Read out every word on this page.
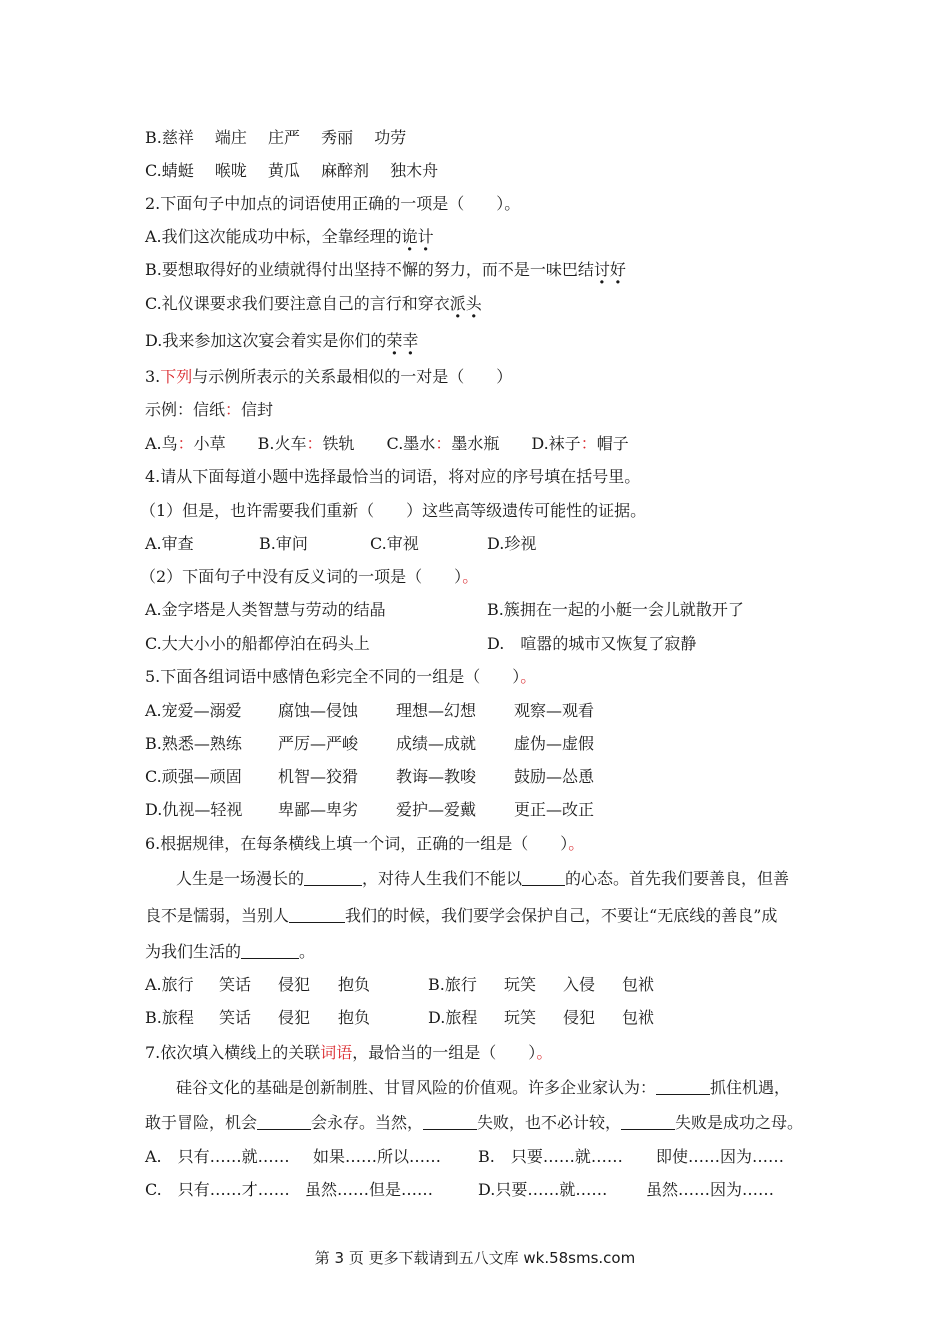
B.慈祥　 端庄　 庄严　 秀丽　 功劳
C.蜻蜓　 喉咙　 黄瓜　 麻醉剂　 独木舟
2.下面句子中加点的词语使用正确的一项是（　　）。
A.我们这次能成功中标，全靠经理的诡计
B.要想取得好的业绩就得付出坚持不懈的努力，而不是一味巴结讨好
C.礼仪课要求我们要注意自己的言行和穿衣派头
D.我来参加这次宴会着实是你们的荣幸
3.下列与示例所表示的关系最相似的一对是（　　）
示例：信纸：信封
A.鸟：小草　　B.火车：铁轨　　C.墨水：墨水瓶　　D.袜子：帽子
4.请从下面每道小题中选择最恰当的词语，将对应的序号填在括号里。
（1）但是，也许需要我们重新（　　）这些高等级遗传可能性的证据。
A.审查	B.审问	C.审视	D.珍视
（2）下面句子中没有反义词的一项是（　　）。
A.金字塔是人类智慧与劳动的结晶	B.簇拥在一起的小艇一会儿就散开了
C.大大小小的船都停泊在码头上	D.　喧嚣的城市又恢复了寂静
5.下面各组词语中感情色彩完全不同的一组是（　　）。
A.宠爱—溺爱 腐蚀—侵蚀 理想—幻想 观察—观看
B.熟悉—熟练 严厉—严峻 成绩—成就 虚伪—虚假
C.顽强—顽固 机智—狡猾 教诲—教唆 鼓励—怂恿
D.仇视—轻视 卑鄙—卑劣 爱护—爱戴 更正—改正
6.根据规律，在每条横线上填一个词，正确的一组是（　　）。
人生是一场漫长的	，对待人生我们不能以	的心态。首先我们要善良，但善
良不是懦弱，当别人	我们的时候，我们要学会保护自己，不要让“无底线的善良”成
为我们生活的	。
A.旅行 笑话 侵犯 抱负	B.旅行 玩笑 入侵 包袱
B.旅程 笑话 侵犯 抱负	D.旅程 玩笑 侵犯 包袱
7.依次填入横线上的关联词语，最恰当的一组是（　　）。
硅谷文化的基础是创新制胜、甘冒风险的价值观。许多企业家认为：	抓住机遇，
敢于冒险，机会	会永存。当然，	失败，也不必计较，	失败是成功之母。
A.　只有……就…… 如果……所以…… B.　只要……就…… 即使……因为……
C.　只有……才…… 虽然……但是……	D.只要……就…… 虽然……因为……
第 3 页 更多下载请到五八文库 wk.58sms.com
